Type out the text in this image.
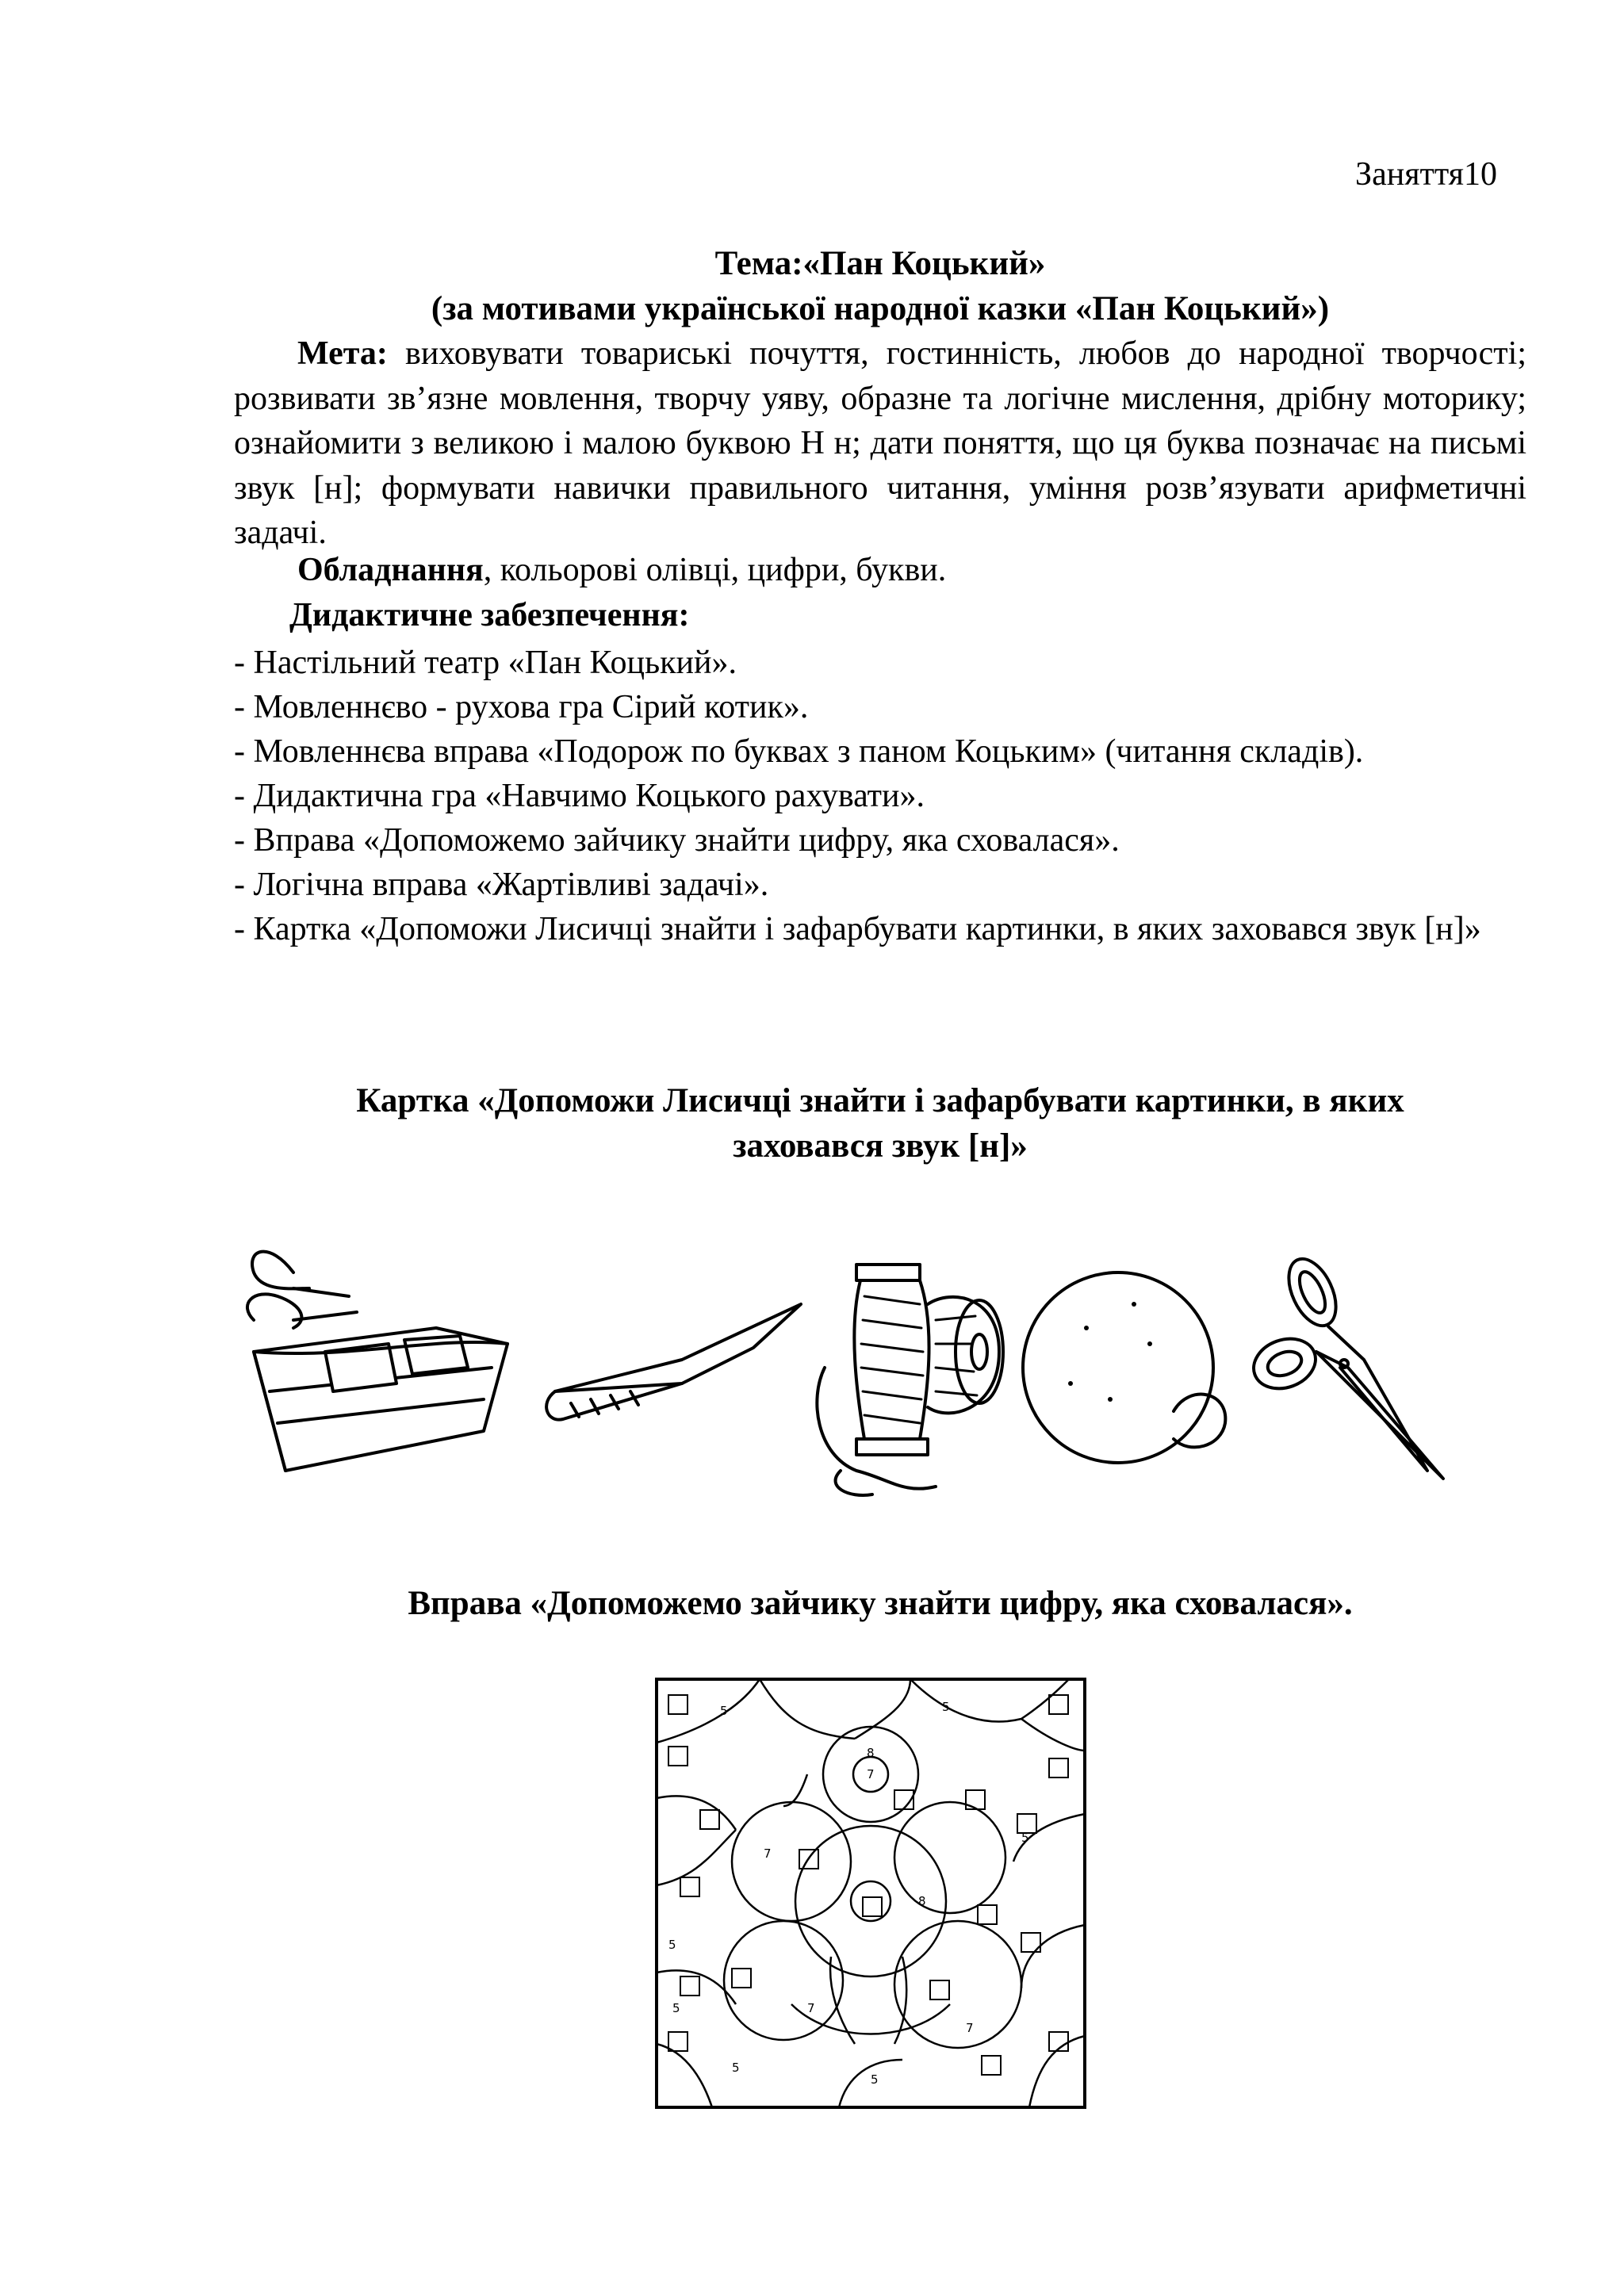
Заняття10
Тема:«Пан Коцький»
(за мотивами української народної казки «Пан Коцький»)
Мета: виховувати товариські почуття, гостинність, любов до народної творчості; розвивати зв’язне мовлення, творчу уяву, образне та логічне мислення, дрібну моторику; ознайомити з великою і малою буквою Н н; дати поняття, що ця буква позначає на письмі звук [н]; формувати навички правильного читання, уміння розв’язувати арифметичні задачі.
Обладнання, кольорові олівці, цифри, букви.
Дидактичне забезпечення:
- Настільний театр «Пан Коцький».
- Мовленнєво - рухова гра Сірий котик».
- Мовленнєва вправа «Подорож по буквах з паном Коцьким» (читання складів).
- Дидактична гра «Навчимо Коцького рахувати».
- Вправа «Допоможемо зайчику знайти цифру, яка сховалася».
- Логічна вправа «Жартівливі задачі».
- Картка «Допоможи Лисичці знайти і зафарбувати картинки, в яких заховався звук [н]»
Картка «Допоможи Лисичці знайти і зафарбувати картинки, в яких
заховався звук [н]»
Вправа «Допоможемо зайчику знайти цифру, яка сховалася».
5	5
8
7
7
8
5
5	7
7
5
5
5
